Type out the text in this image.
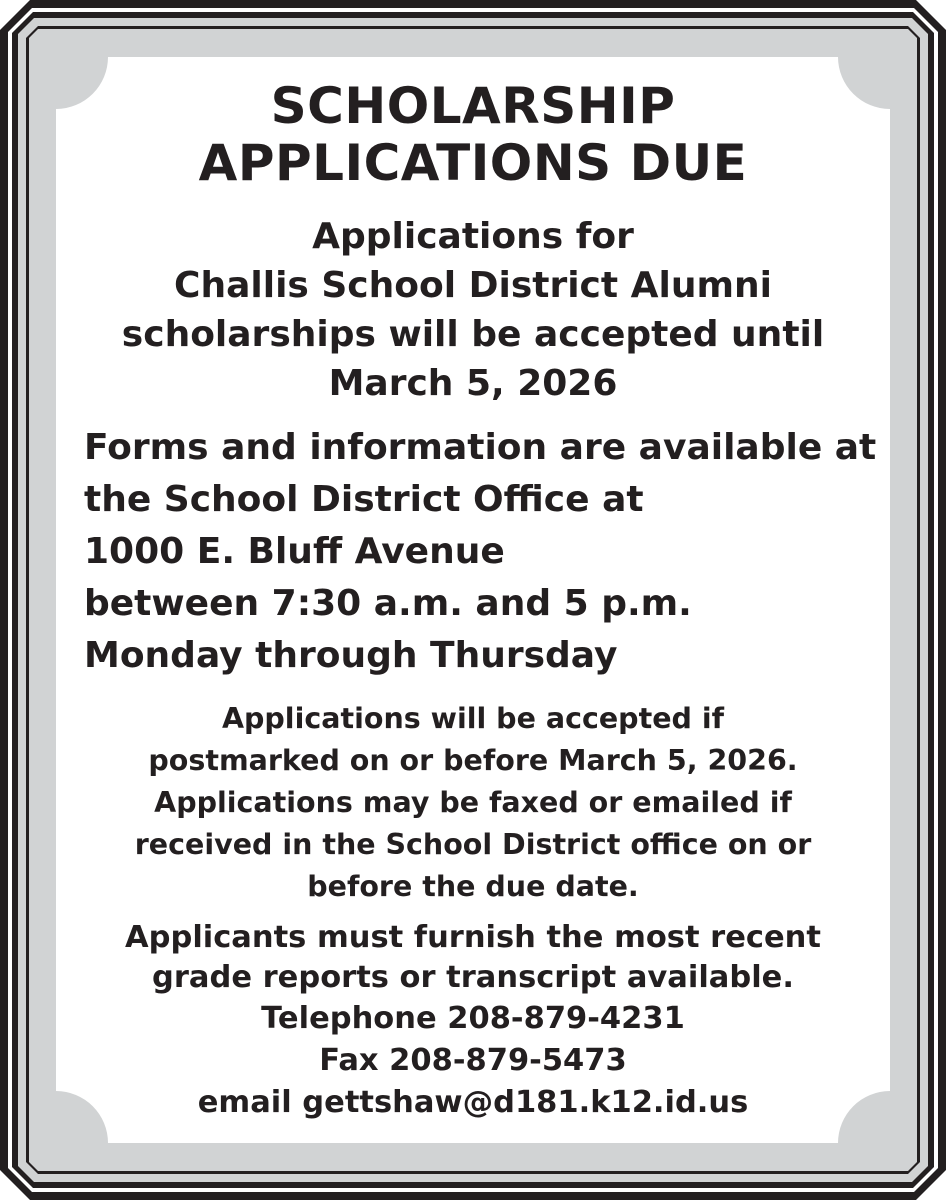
SCHOLARSHIP
APPLICATIONS DUE
Applications for
Challis School District Alumni
scholarships will be accepted until
March 5, 2026
Forms and information are available at
the School District Office at
1000 E. Bluff Avenue
between 7:30 a.m. and 5 p.m.
Monday through Thursday
Applications will be accepted if
postmarked on or before March 5, 2026.
Applications may be faxed or emailed if
received in the School District office on or
before the due date.
Applicants must furnish the most recent
grade reports or transcript available.
Telephone 208-879-4231
Fax 208-879-5473
email gettshaw@d181.k12.id.us
